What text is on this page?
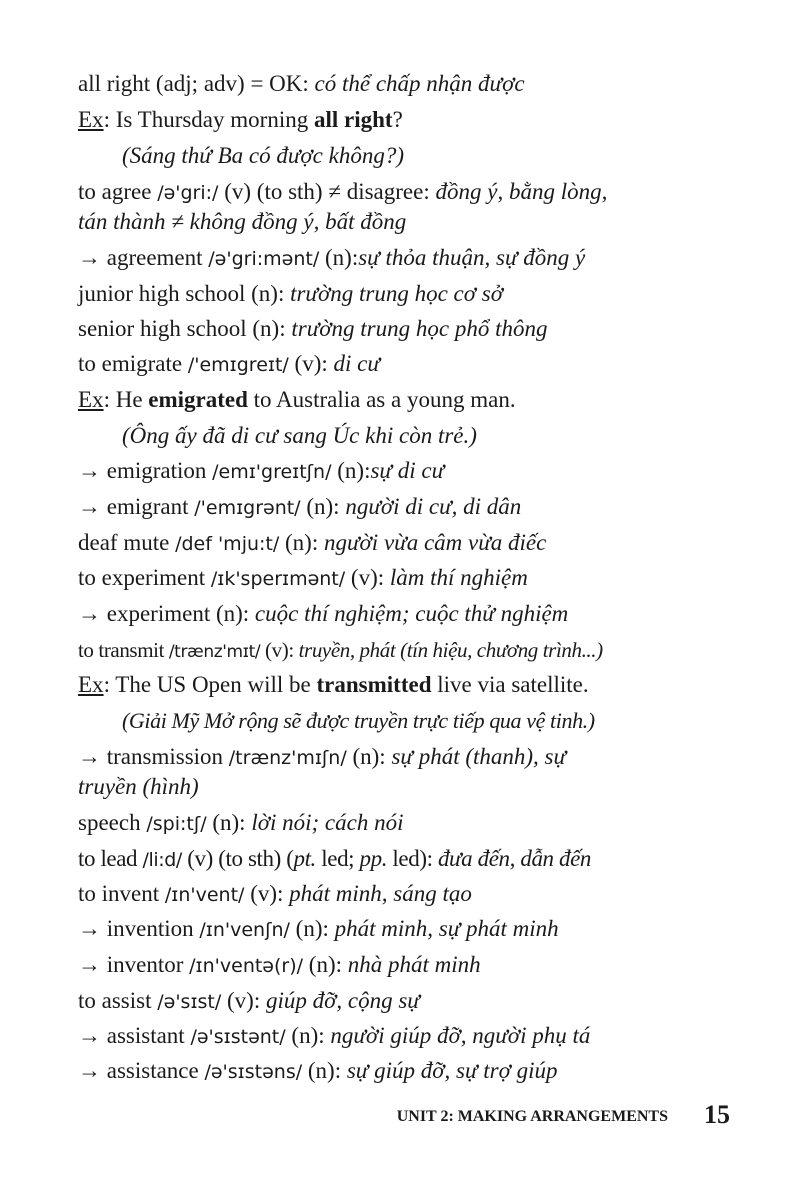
all right (adj; adv) = OK: có thể chấp nhận được
Ex: Is Thursday morning all right?
(Sáng thứ Ba có được không?)
to agree /ə'gri:/ (v) (to sth) ≠ disagree: đồng ý, bằng lòng,
tán thành ≠ không đồng ý, bất đồng
→ agreement /ə'gri:mənt/ (n):sự thỏa thuận, sự đồng ý
junior high school (n): trường trung học cơ sở
senior high school (n): trường trung học phổ thông
to emigrate /'emɪgreɪt/ (v): di cư
Ex: He emigrated to Australia as a young man.
(Ông ấy đã di cư sang Úc khi còn trẻ.)
→ emigration /emɪ'greɪtʃn/ (n):sự di cư
→ emigrant /'emɪgrənt/ (n): người di cư, di dân
deaf mute /def 'mju:t/ (n): người vừa câm vừa điếc
to experiment /ɪk'sperɪmənt/ (v): làm thí nghiệm
→ experiment (n): cuộc thí nghiệm; cuộc thử nghiệm
to transmit /trænz'mɪt/ (v): truyền, phát (tín hiệu, chương trình...)
Ex: The US Open will be transmitted live via satellite.
(Giải Mỹ Mở rộng sẽ được truyền trực tiếp qua vệ tinh.)
→ transmission /trænz'mɪʃn/ (n): sự phát (thanh), sự
truyền (hình)
speech /spi:tʃ/ (n): lời nói; cách nói
to lead /li:d/ (v) (to sth) (pt. led; pp. led): đưa đến, dẫn đến
to invent /ɪn'vent/ (v): phát minh, sáng tạo
→ invention /ɪn'venʃn/ (n): phát minh, sự phát minh
→ inventor /ɪn'ventə(r)/ (n): nhà phát minh
to assist /ə'sɪst/ (v): giúp đỡ, cộng sự
→ assistant /ə'sɪstənt/ (n): người giúp đỡ, người phụ tá
→ assistance /ə'sɪstəns/ (n): sự giúp đỡ, sự trợ giúp
UNIT 2: MAKING ARRANGEMENTS 15
